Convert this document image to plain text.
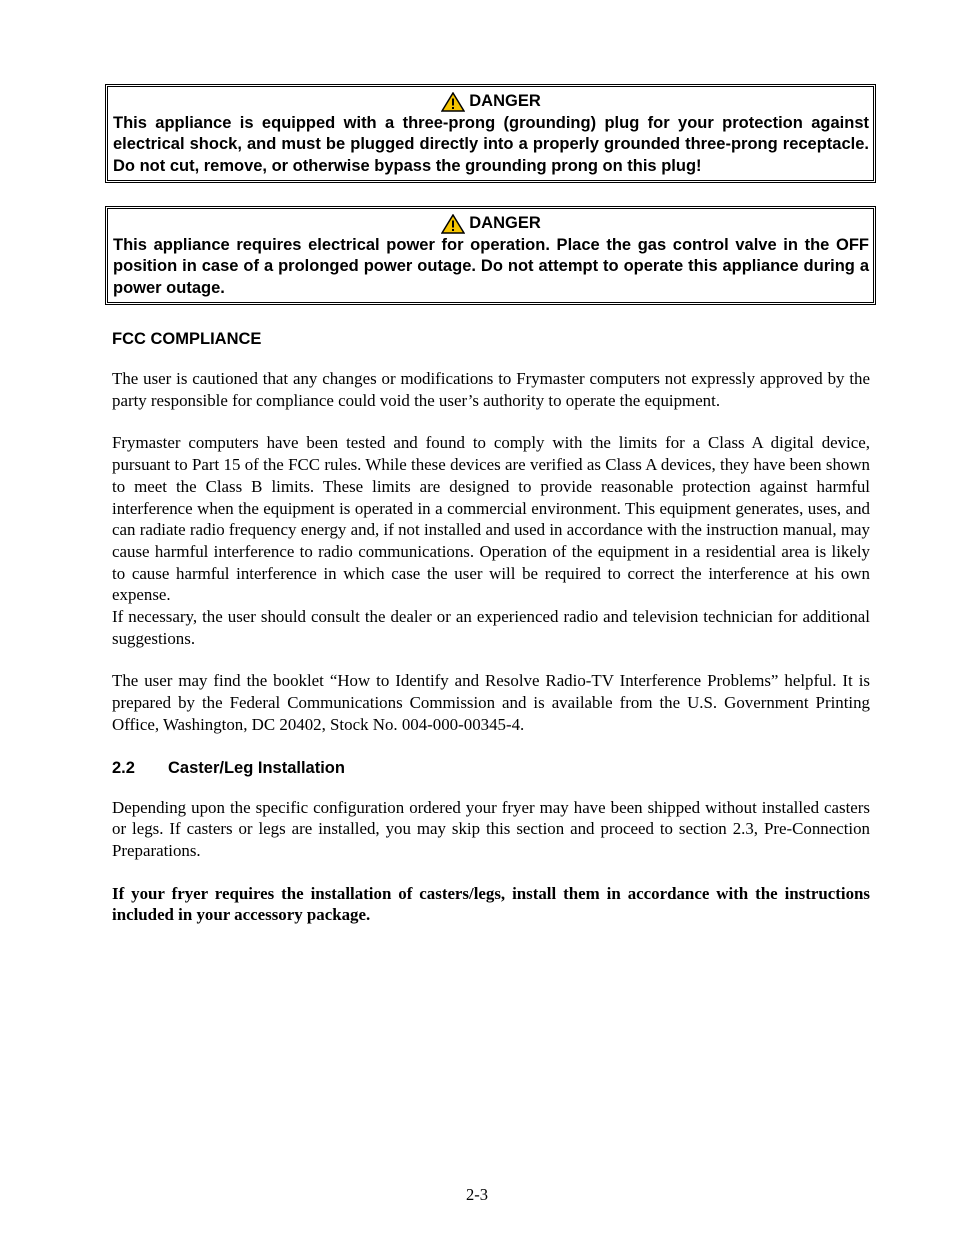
DANGER
This appliance is equipped with a three-prong (grounding) plug for your protection against electrical shock, and must be plugged directly into a properly grounded three-prong receptacle. Do not cut, remove, or otherwise bypass the grounding prong on this plug!
DANGER
This appliance requires electrical power for operation. Place the gas control valve in the OFF position in case of a prolonged power outage. Do not attempt to operate this appliance during a power outage.
FCC COMPLIANCE

The user is cautioned that any changes or modifications to Frymaster computers not expressly approved by the party responsible for compliance could void the user’s authority to operate the equipment.

Frymaster computers have been tested and found to comply with the limits for a Class A digital device, pursuant to Part 15 of the FCC rules. While these devices are verified as Class A devices, they have been shown to meet the Class B limits. These limits are designed to provide reasonable protection against harmful interference when the equipment is operated in a commercial environment. This equipment generates, uses, and can radiate radio frequency energy and, if not installed and used in accordance with the instruction manual, may cause harmful interference to radio communications. Operation of the equipment in a residential area is likely to cause harmful interference in which case the user will be required to correct the interference at his own expense.

If necessary, the user should consult the dealer or an experienced radio and television technician for additional suggestions.

The user may find the booklet “How to Identify and Resolve Radio-TV Interference Problems” helpful. It is prepared by the Federal Communications Commission and is available from the U.S. Government Printing Office, Washington, DC 20402, Stock No. 004-000-00345-4.

2.2 Caster/Leg Installation

Depending upon the specific configuration ordered your fryer may have been shipped without installed casters or legs. If casters or legs are installed, you may skip this section and proceed to section 2.3, Pre-Connection Preparations.

If your fryer requires the installation of casters/legs, install them in accordance with the instructions included in your accessory package.

2-3
